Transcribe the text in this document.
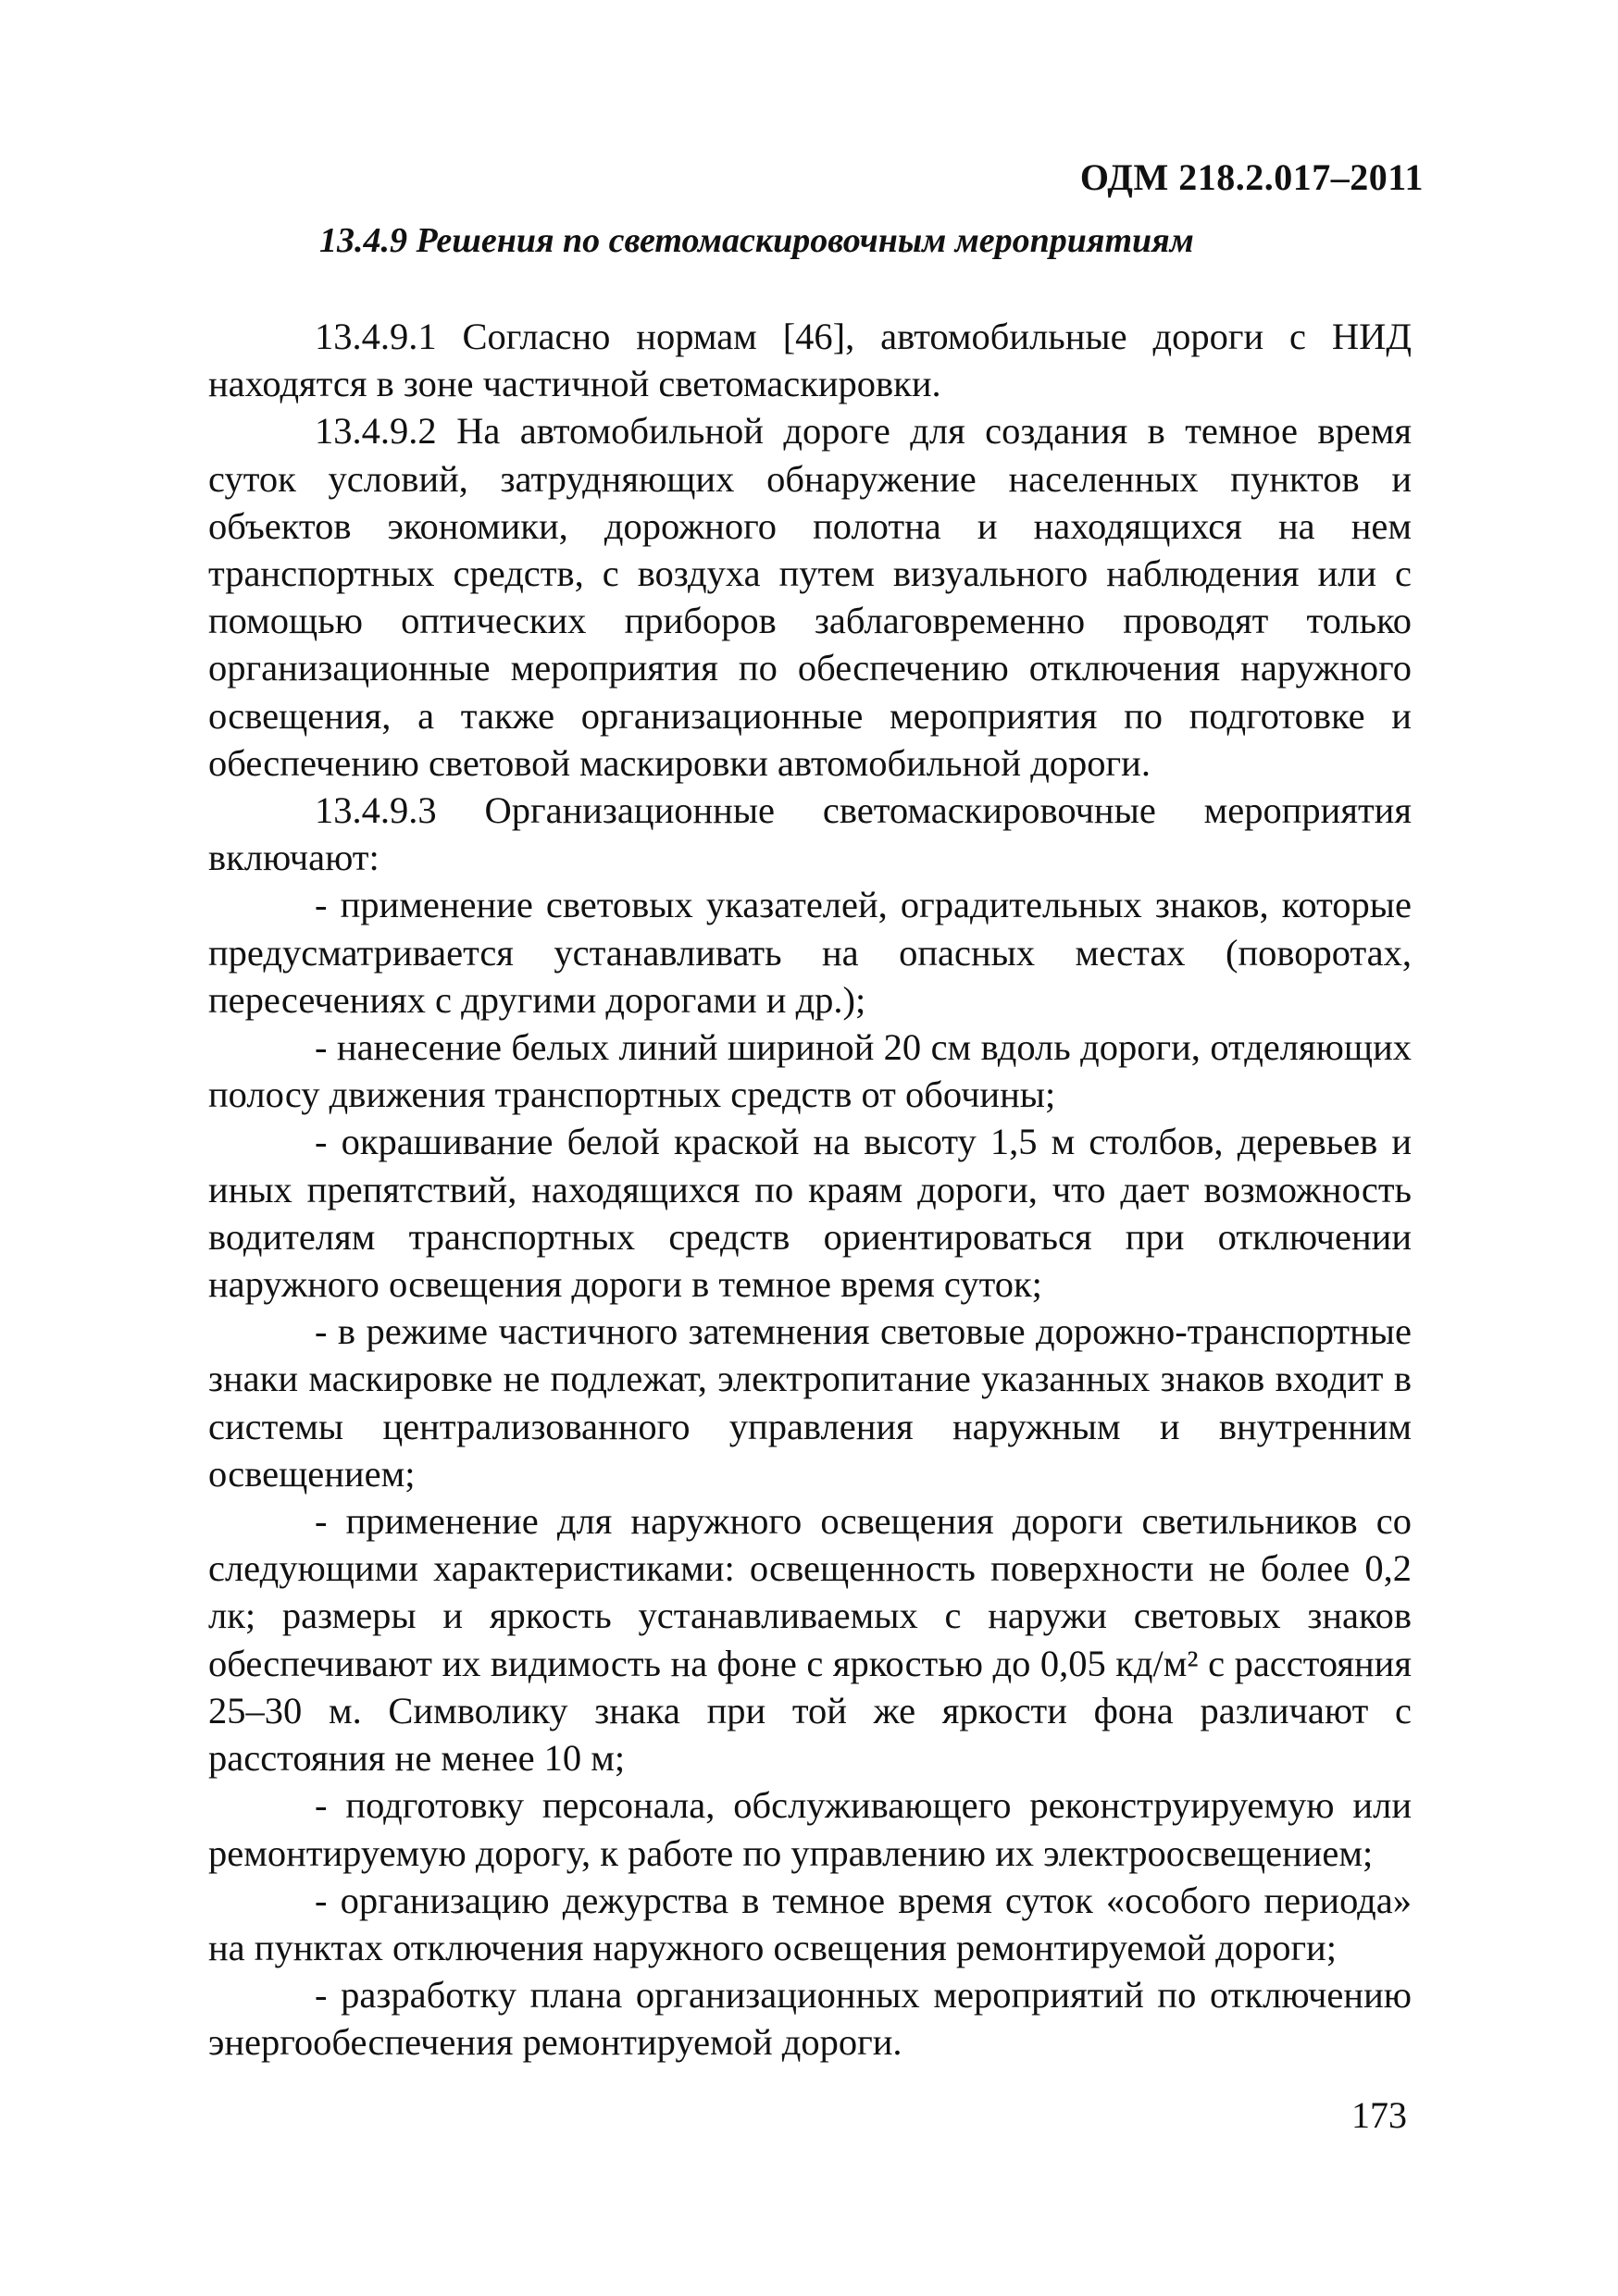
ОДМ 218.2.017–2011
13.4.9 Решения по светомаскировочным мероприятиям

13.4.9.1 Согласно нормам [46], автомобильные дороги с НИД находятся в зоне частичной светомаскировки.

13.4.9.2 На автомобильной дороге для создания в темное время суток условий, затрудняющих обнаружение населенных пунктов и объектов экономики, дорожного полотна и находящихся на нем транспортных средств, с воздуха путем визуального наблюдения или с помощью оптических приборов заблаговременно проводят только организационные мероприятия по обеспечению отключения наружного освещения, а также организационные мероприятия по подготовке и обеспечению световой маскировки автомобильной дороги.

13.4.9.3 Организационные светомаскировочные мероприятия включают:

- применение световых указателей, оградительных знаков, которые предусматривается устанавливать на опасных местах (поворотах, пересечениях с другими дорогами и др.);

- нанесение белых линий шириной 20 см вдоль дороги, отделяющих полосу движения транспортных средств от обочины;

- окрашивание белой краской на высоту 1,5 м столбов, деревьев и иных препятствий, находящихся по краям дороги, что дает возможность водителям транспортных средств ориентироваться при отключении наружного освещения дороги в темное время суток;

- в режиме частичного затемнения световые дорожно-транспортные знаки маскировке не подлежат, электропитание указанных знаков входит в системы централизованного управления наружным и внутренним освещением;

- применение для наружного освещения дороги светильников со следующими характеристиками: освещенность поверхности не более 0,2 лк; размеры и яркость устанавливаемых с наружи световых знаков обеспечивают их видимость на фоне с яркостью до 0,05 кд/м² с расстояния 25–30 м. Символику знака при той же яркости фона различают с расстояния не менее 10 м;

- подготовку персонала, обслуживающего реконструируемую или ремонтируемую дорогу, к работе по управлению их электроосвещением;

- организацию дежурства в темное время суток «особого периода» на пунктах отключения наружного освещения ремонтируемой дороги;

- разработку плана организационных мероприятий по отключению энергообеспечения ремонтируемой дороги.

173
